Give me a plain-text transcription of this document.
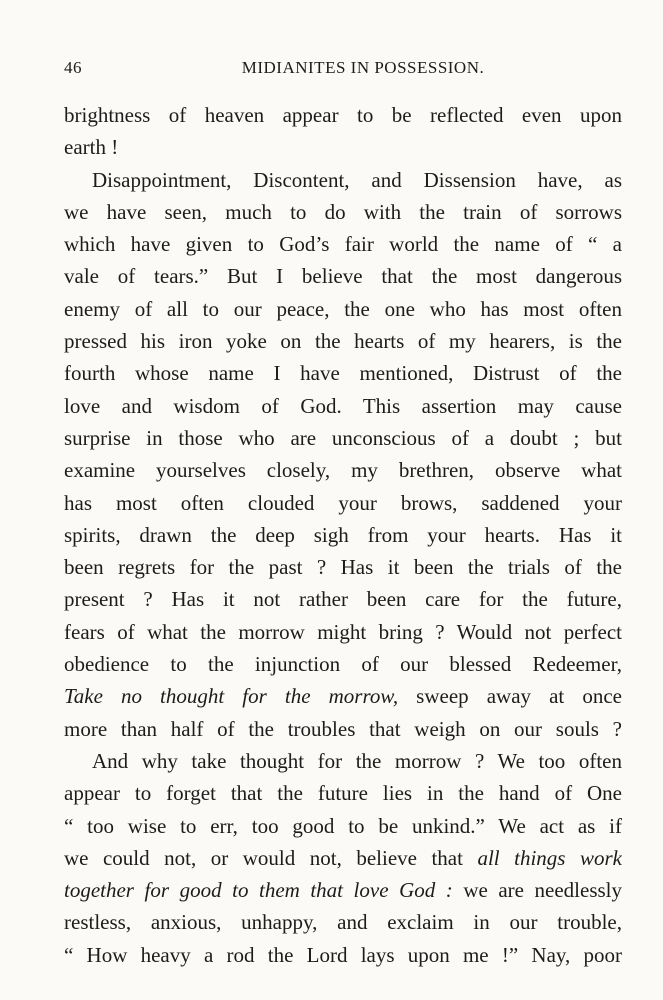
46	MIDIANITES IN POSSESSION.
brightness of heaven appear to be reflected even upon
earth !
Disappointment, Discontent, and Dissension have, as
we have seen, much to do with the train of sorrows
which have given to God’s fair world the name of “ a
vale of tears.” But I believe that the most dangerous
enemy of all to our peace, the one who has most often
pressed his iron yoke on the hearts of my hearers, is the
fourth whose name I have mentioned, Distrust of the
love and wisdom of God. This assertion may cause
surprise in those who are unconscious of a doubt ; but
examine yourselves closely, my brethren, observe what
has most often clouded your brows, saddened your
spirits, drawn the deep sigh from your hearts. Has it
been regrets for the past ? Has it been the trials of the
present ? Has it not rather been care for the future,
fears of what the morrow might bring ? Would not perfect
obedience to the injunction of our blessed Redeemer,
Take no thought for the morrow, sweep away at once
more than half of the troubles that weigh on our souls ?
And why take thought for the morrow ? We too often
appear to forget that the future lies in the hand of One
“ too wise to err, too good to be unkind.” We act as if
we could not, or would not, believe that all things work
together for good to them that love God : we are needlessly
restless, anxious, unhappy, and exclaim in our trouble,
“ How heavy a rod the Lord lays upon me !” Nay, poor
